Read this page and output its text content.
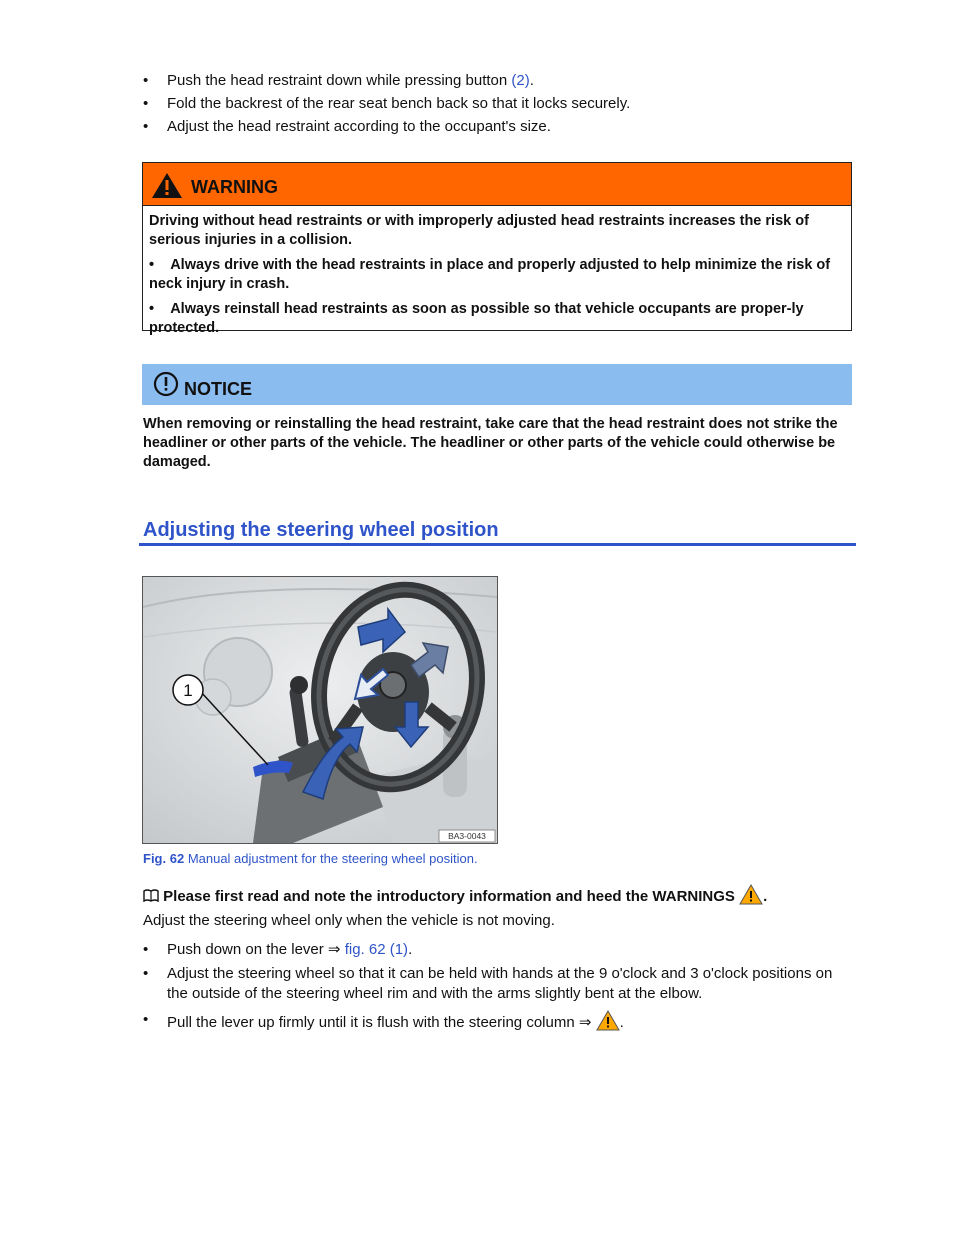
• Push the head restraint down while pressing button (2).
• Fold the backrest of the rear seat bench back so that it locks securely.
• Adjust the head restraint according to the occupant's size.
WARNING

Driving without head restraints or with improperly adjusted head restraints increases the risk of serious injuries in a collision.

• Always drive with the head restraints in place and properly adjusted to help minimize the risk of neck injury in crash.

• Always reinstall head restraints as soon as possible so that vehicle occupants are proper-ly protected.

NOTICE
When removing or reinstalling the head restraint, take care that the head restraint does not strike the headliner or other parts of the vehicle. The headliner or other parts of the vehicle could otherwise be damaged.
Adjusting the steering wheel position
1
BA3-0043
Fig. 62 Manual adjustment for the steering wheel position.
Please first read and note the introductory information and heed the WARNINGS .
Adjust the steering wheel only when the vehicle is not moving.
• Push down on the lever ⇒ fig. 62 (1).
• Adjust the steering wheel so that it can be held with hands at the 9 o'clock and 3 o'clock positions on the outside of the steering wheel rim and with the arms slightly bent at the elbow.
• Pull the lever up firmly until it is flush with the steering column ⇒ .
